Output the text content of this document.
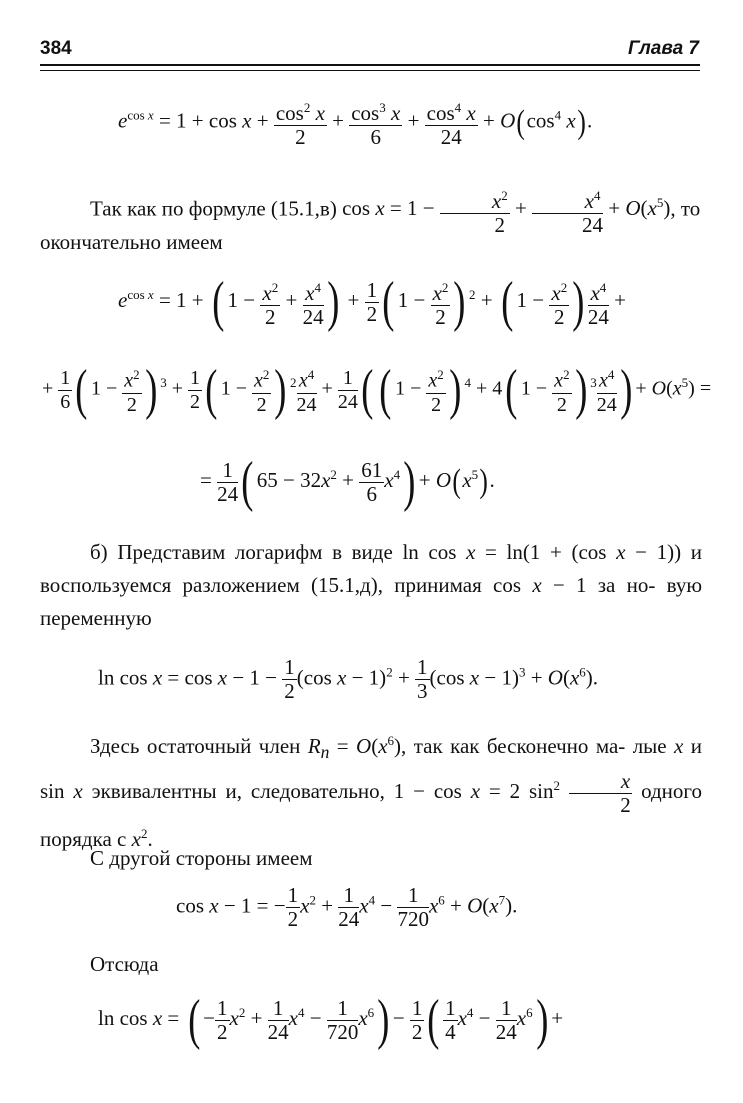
384	Глава 7
$e^{cos x} = 1 + \cos x + \frac{\cos^2 x}{2} + \frac{\cos^3 x}{6} + \frac{\cos^4 x}{24} + O(\cos^4$ x).
Так как по формуле (15.1,в) $\cos x = 1 - \frac{x^2}{2} + \frac{x^4}{24} + O(x^5)$, то
окончательно имеем
$e^{cos x} = 1$ + ( $1 - \frac{x^2}{2} + \frac{x^4}{24}$ ) + $\frac{1}{2}$ ( $1 - \frac{x^2}{2}$ ) $^2$ + ( $1 - \frac{x^2}{2}$ ) $\frac{x^4}{24}$ +
+ $\frac{1}{6}$ ( $1 - \frac{x^2}{2}$ ) $^3 + \frac{1}{2}$ ( $1 - \frac{x^2}{2}$ ) $^2 \frac{x^4}{24} + \frac{1}{24}$ ( ( $1 - \frac{x^2}{2}$ ) $^4$ + 4( $1 - \frac{x^2}{2}$ ) $^3 \frac{x^4}{24}$ ) + $O(x^5)$ =
= $\frac{1}{24}$ ( $65 - 32x^2 + \frac{61}{6} x^4) + O(x^5)$.
б) Представим логарифм в виде ln cos x = ln(1 + (cos x − 1)) и воспользуемся разложением (15.1,д), принимая cos x − 1 за но- вую переменную
$\ln \cos x = \cos x - 1 - \frac{1}{2} (\cos$ $x - 1)^2 + \frac{1}{3} (\cos$ $x - 1)^3 + O(x^6)$.
Здесь остаточный член $R_n = O(x^6)$, так как бесконечно ма- лые x и sin x эквивалентны и, следовательно, 1 − cos x = 2 $\sin^2 \frac{x}{2}$ одного порядка с $x^2$.
С другой стороны имеем
cos x − 1 = − $\frac{1}{2} x^2 + \frac{1}{24} x^4 - \frac{1}{720} x^6 + O(x^7)$.
Отсюда
ln cos x = ( − $\frac{1}{2} x^2 + \frac{1}{24} x^4 - \frac{1}{720} x^6) - \frac{1}{2}$ ( $\frac{1}{4} x^4 - \frac{1}{24} x^6$) +
